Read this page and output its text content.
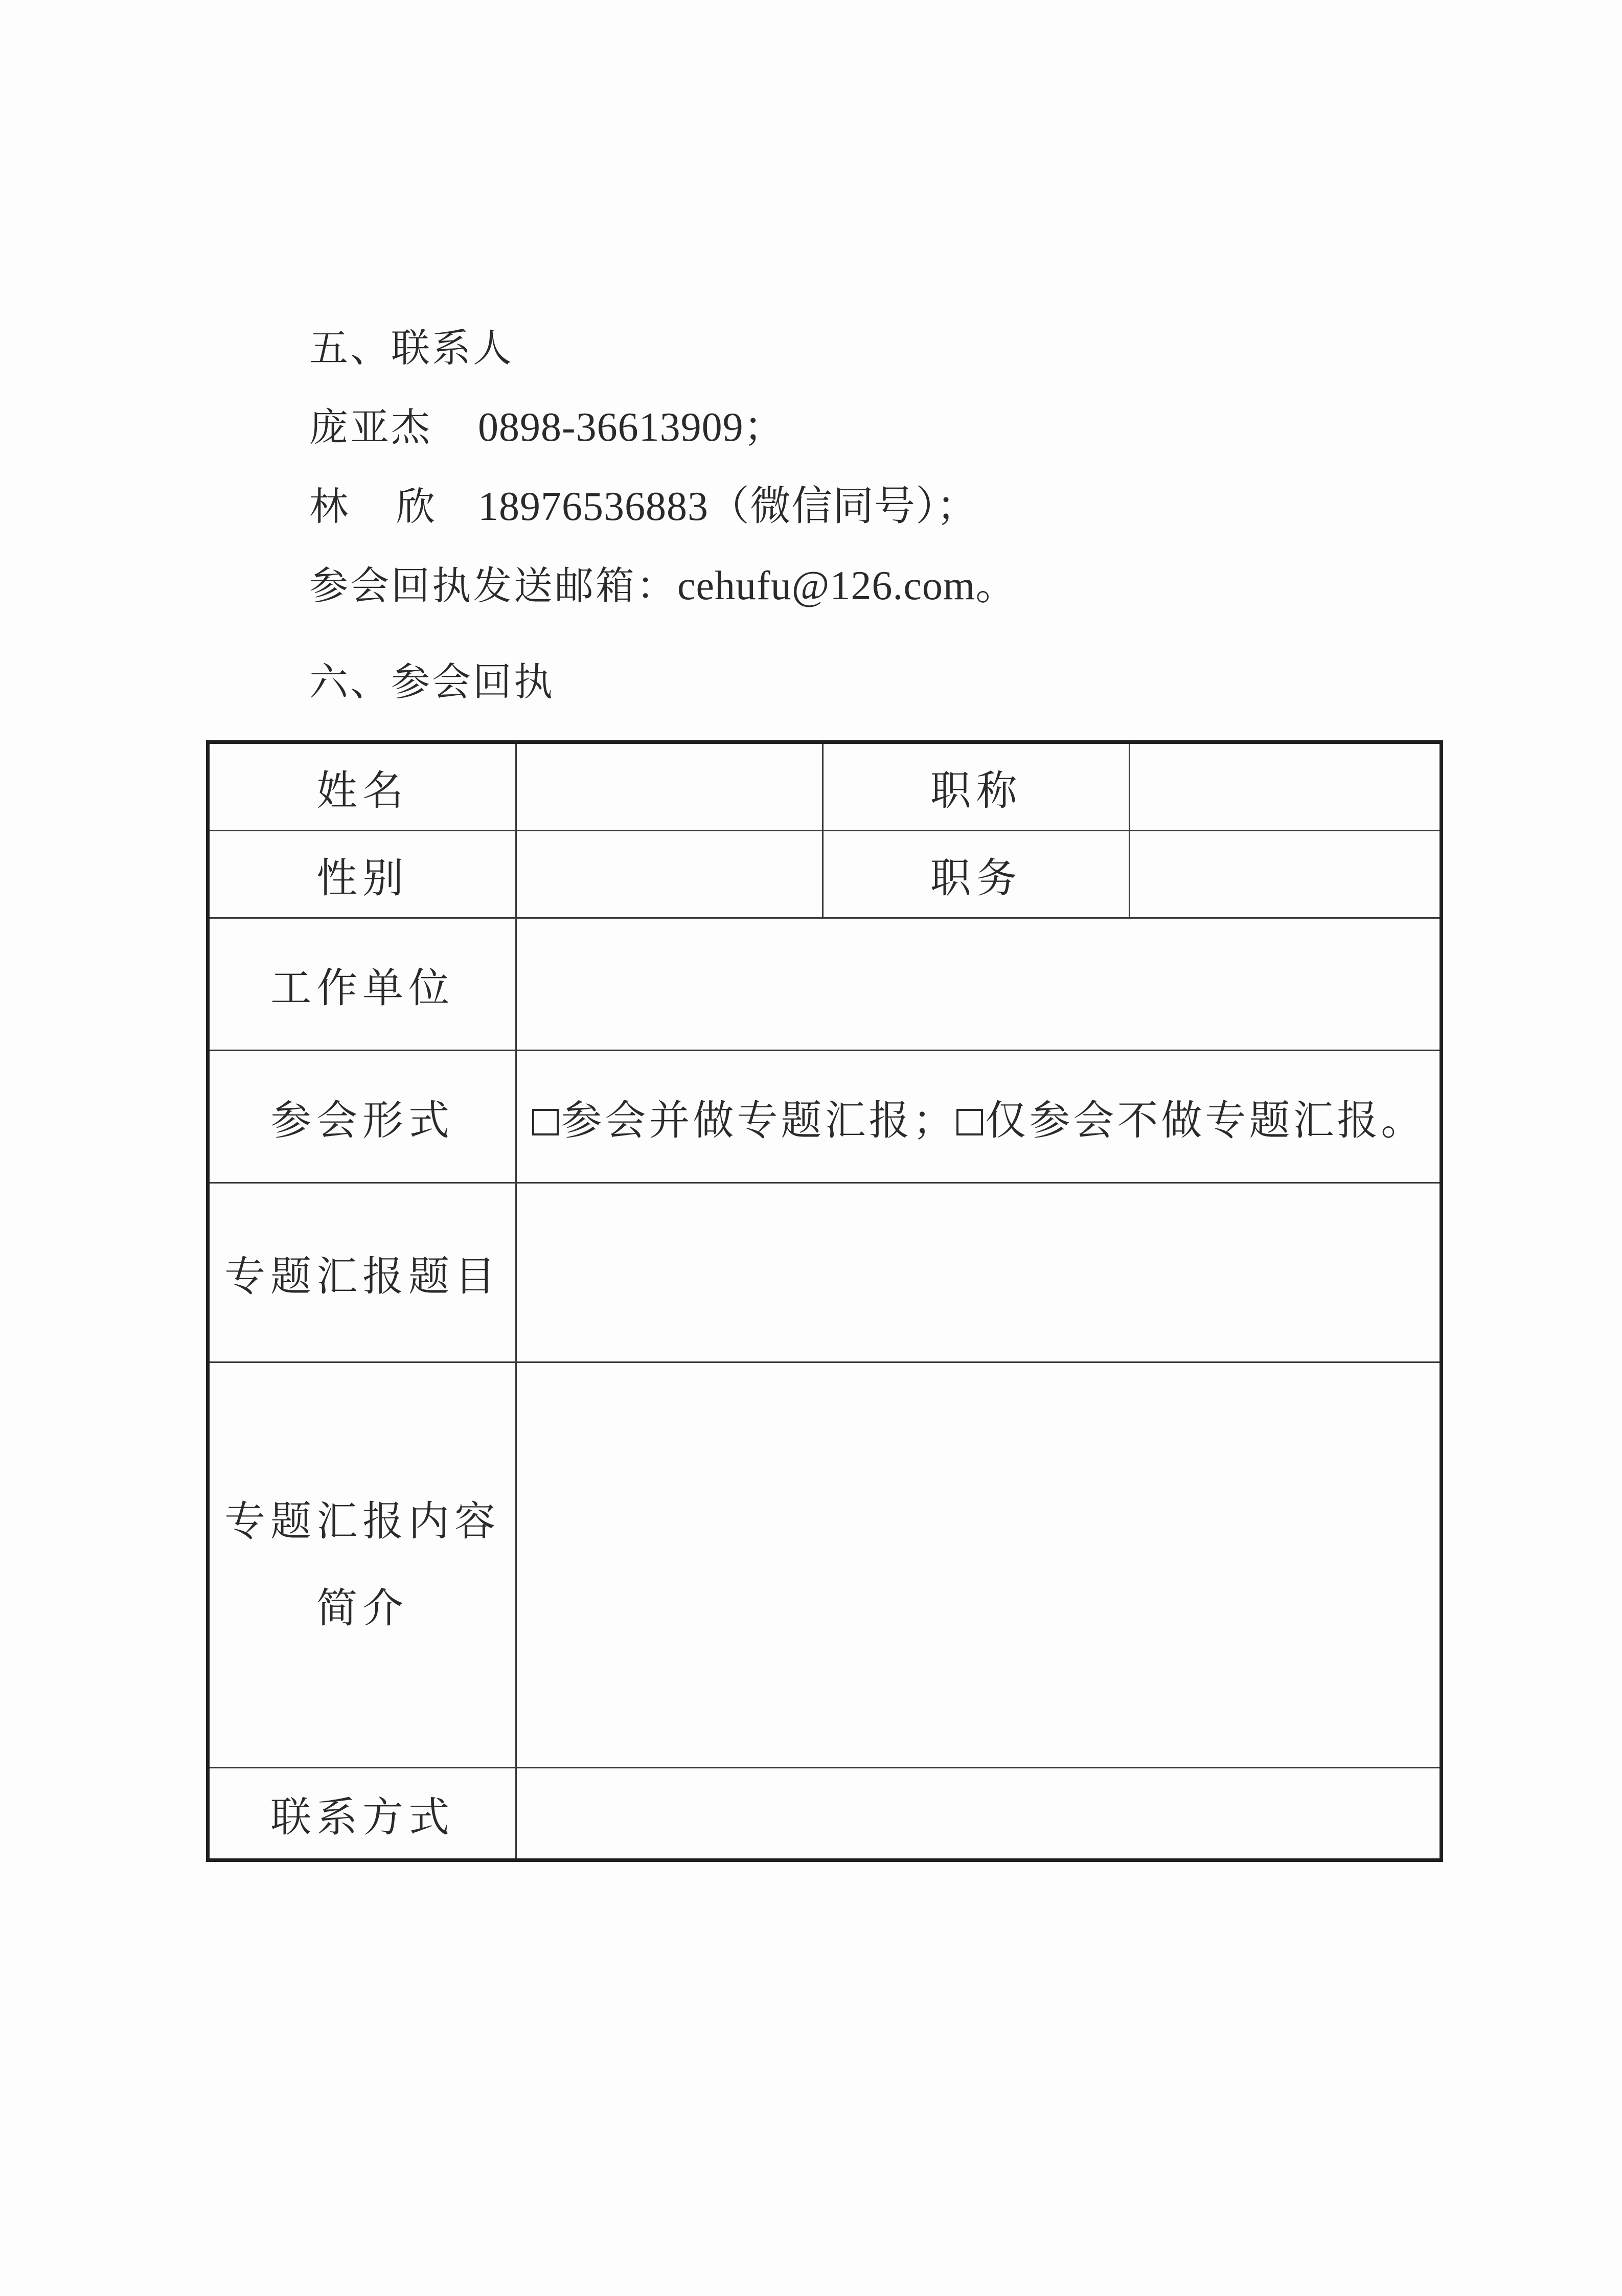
五、联系人
庞亚杰 0898-36613909；
林 欣 18976536883（微信同号）；
参会回执发送邮箱：cehufu@126.com。
六、参会回执
姓名		职称	
性别		职务	
工作单位			
参会形式	参会并做专题汇报； 仅参会不做专题汇报。		
专题汇报题目			

专题汇报内容
简介			

联系方式			
